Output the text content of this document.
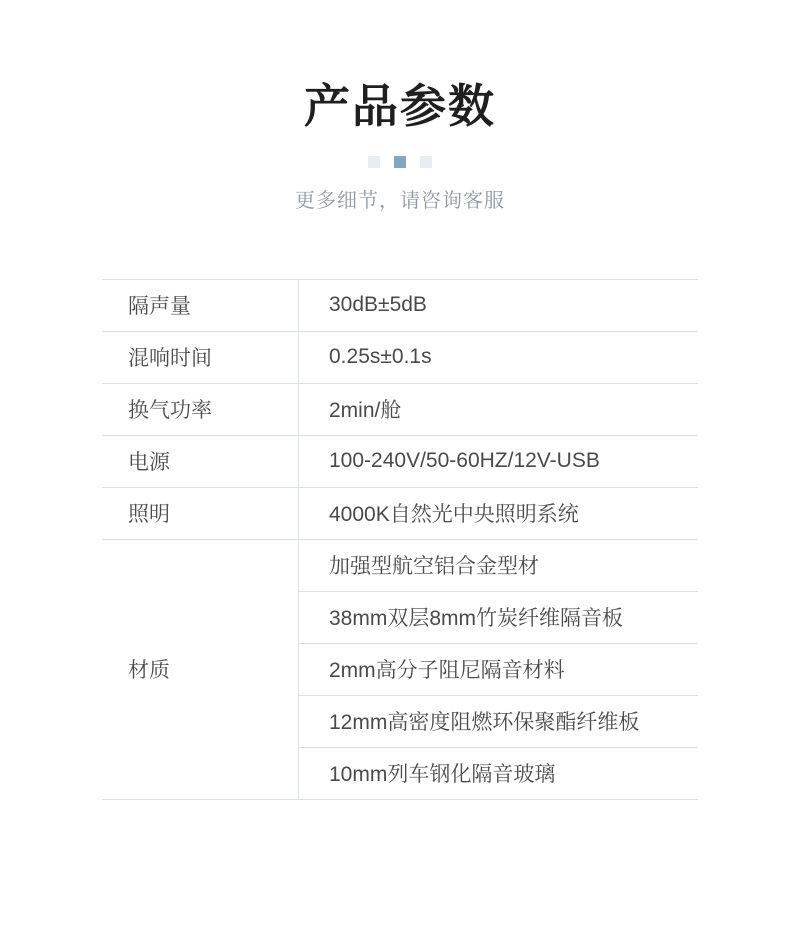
产品参数
更多细节，请咨询客服
隔声量	30dB±5dB
混响时间	0.25s±0.1s
换气功率	2min/舱
电源	100-240V/50-60HZ/12V-USB
照明	4000K自然光中央照明系统
材质	加强型航空铝合金型材
	38mm双层8mm竹炭纤维隔音板
	2mm高分子阻尼隔音材料
	12mm高密度阻燃环保聚酯纤维板
	10mm列车钢化隔音玻璃
